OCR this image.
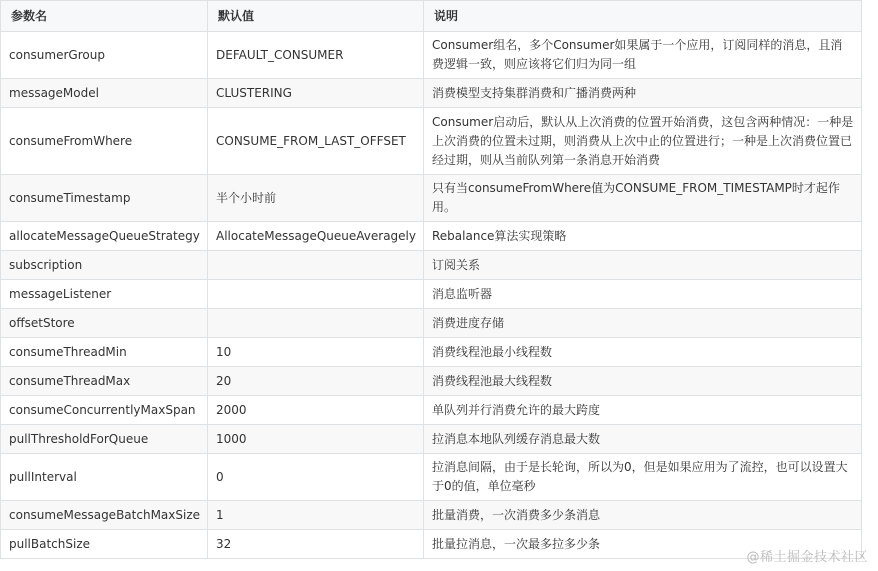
参数名	默认值	说明
consumerGroup	DEFAULT_CONSUMER	Consumer组名，多个Consumer如果属于一个应用，订阅同样的消息，且消费逻辑一致，则应该将它们归为同一组
messageModel	CLUSTERING	消费模型支持集群消费和广播消费两种
consumeFromWhere	CONSUME_FROM_LAST_OFFSET	Consumer启动后，默认从上次消费的位置开始消费，这包含两种情况：一种是上次消费的位置未过期，则消费从上次中止的位置进行；一种是上次消费位置已经过期，则从当前队列第一条消息开始消费
consumeTimestamp	半个小时前	只有当consumeFromWhere值为CONSUME_FROM_TIMESTAMP时才起作用。
allocateMessageQueueStrategy	AllocateMessageQueueAveragely	Rebalance算法实现策略
subscription		订阅关系
messageListener		消息监听器
offsetStore		消费进度存储
consumeThreadMin	10	消费线程池最小线程数
consumeThreadMax	20	消费线程池最大线程数
consumeConcurrentlyMaxSpan	2000	单队列并行消费允许的最大跨度
pullThresholdForQueue	1000	拉消息本地队列缓存消息最大数
pullInterval	0	拉消息间隔，由于是长轮询，所以为0，但是如果应用为了流控，也可以设置大于0的值，单位毫秒
consumeMessageBatchMaxSize	1	批量消费，一次消费多少条消息
pullBatchSize	32	批量拉消息，一次最多拉多少条
@稀土掘金技术社区
